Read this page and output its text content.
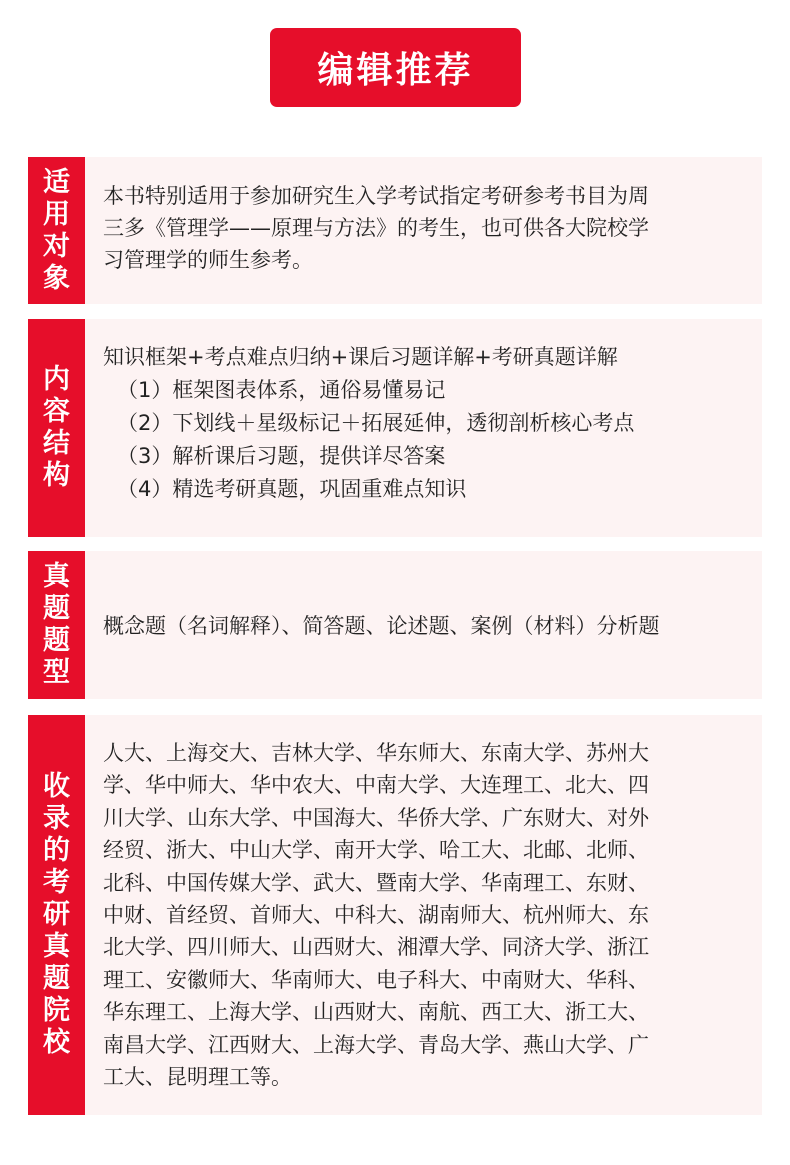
编辑推荐
适
用
对
象
本书特别适用于参加研究生入学考试指定考研参考书目为周
三多《管理学——原理与方法》的考生，也可供各大院校学
习管理学的师生参考。
内
容
结
构
知识框架+考点难点归纳+课后习题详解+考研真题详解
（1）框架图表体系，通俗易懂易记
（2）下划线＋星级标记＋拓展延伸，透彻剖析核心考点
（3）解析课后习题，提供详尽答案
（4）精选考研真题，巩固重难点知识
真
题
题
型
概念题（名词解释）、简答题、论述题、案例（材料）分析题
收
录
的
考
研
真
题
院
校
人大、上海交大、吉林大学、华东师大、东南大学、苏州大
学、华中师大、华中农大、中南大学、大连理工、北大、四
川大学、山东大学、中国海大、华侨大学、广东财大、对外
经贸、浙大、中山大学、南开大学、哈工大、北邮、北师、
北科、中国传媒大学、武大、暨南大学、华南理工、东财、
中财、首经贸、首师大、中科大、湖南师大、杭州师大、东
北大学、四川师大、山西财大、湘潭大学、同济大学、浙江
理工、安徽师大、华南师大、电子科大、中南财大、华科、
华东理工、上海大学、山西财大、南航、西工大、浙工大、
南昌大学、江西财大、上海大学、青岛大学、燕山大学、广
工大、昆明理工等。
